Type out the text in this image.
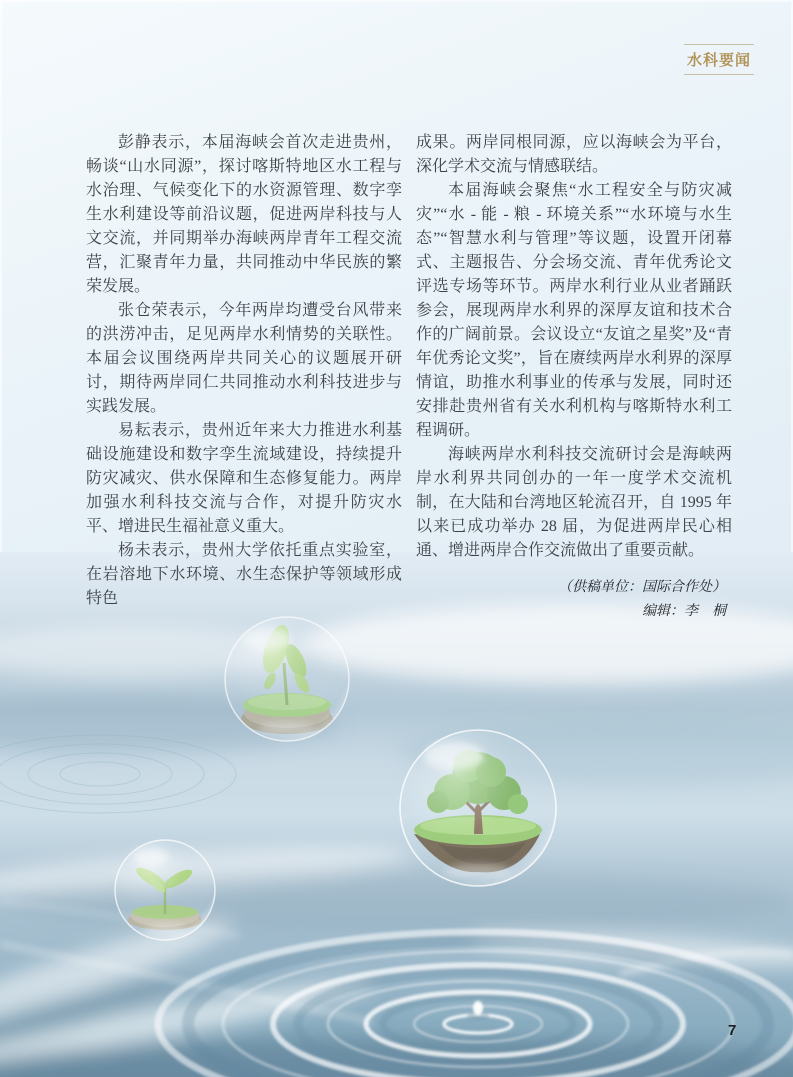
水科要闻

彭静表示，本届海峡会首次走进贵州，畅谈“山水同源”，探讨喀斯特地区水工程与水治理、气候变化下的水资源管理、数字孪生水利建设等前沿议题，促进两岸科技与人文交流，并同期举办海峡两岸青年工程交流营，汇聚青年力量，共同推动中华民族的繁荣发展。

张仓荣表示，今年两岸均遭受台风带来的洪涝冲击，足见两岸水利情势的关联性。本届会议围绕两岸共同关心的议题展开研讨，期待两岸同仁共同推动水利科技进步与实践发展。

易耘表示，贵州近年来大力推进水利基础设施建设和数字孪生流域建设，持续提升防灾减灾、供水保障和生态修复能力。两岸加强水利科技交流与合作，对提升防灾水平、增进民生福祉意义重大。

杨未表示，贵州大学依托重点实验室，在岩溶地下水环境、水生态保护等领域形成特色

成果。两岸同根同源，应以海峡会为平台，深化学术交流与情感联结。

本届海峡会聚焦“水工程安全与防灾减灾”“水 - 能 - 粮 - 环境关系”“水环境与水生态”“智慧水利与管理”等议题，设置开闭幕式、主题报告、分会场交流、青年优秀论文评选专场等环节。两岸水利行业从业者踊跃参会，展现两岸水利界的深厚友谊和技术合作的广阔前景。会议设立“友谊之星奖”及“青年优秀论文奖”，旨在赓续两岸水利界的深厚情谊，助推水利事业的传承与发展，同时还安排赴贵州省有关水利机构与喀斯特水利工程调研。

海峡两岸水利科技交流研讨会是海峡两岸水利界共同创办的一年一度学术交流机制，在大陆和台湾地区轮流召开，自 1995 年以来已成功举办 28 届，为促进两岸民心相通、增进两岸合作交流做出了重要贡献。

（供稿单位：国际合作处）

编辑：李　桐

7
